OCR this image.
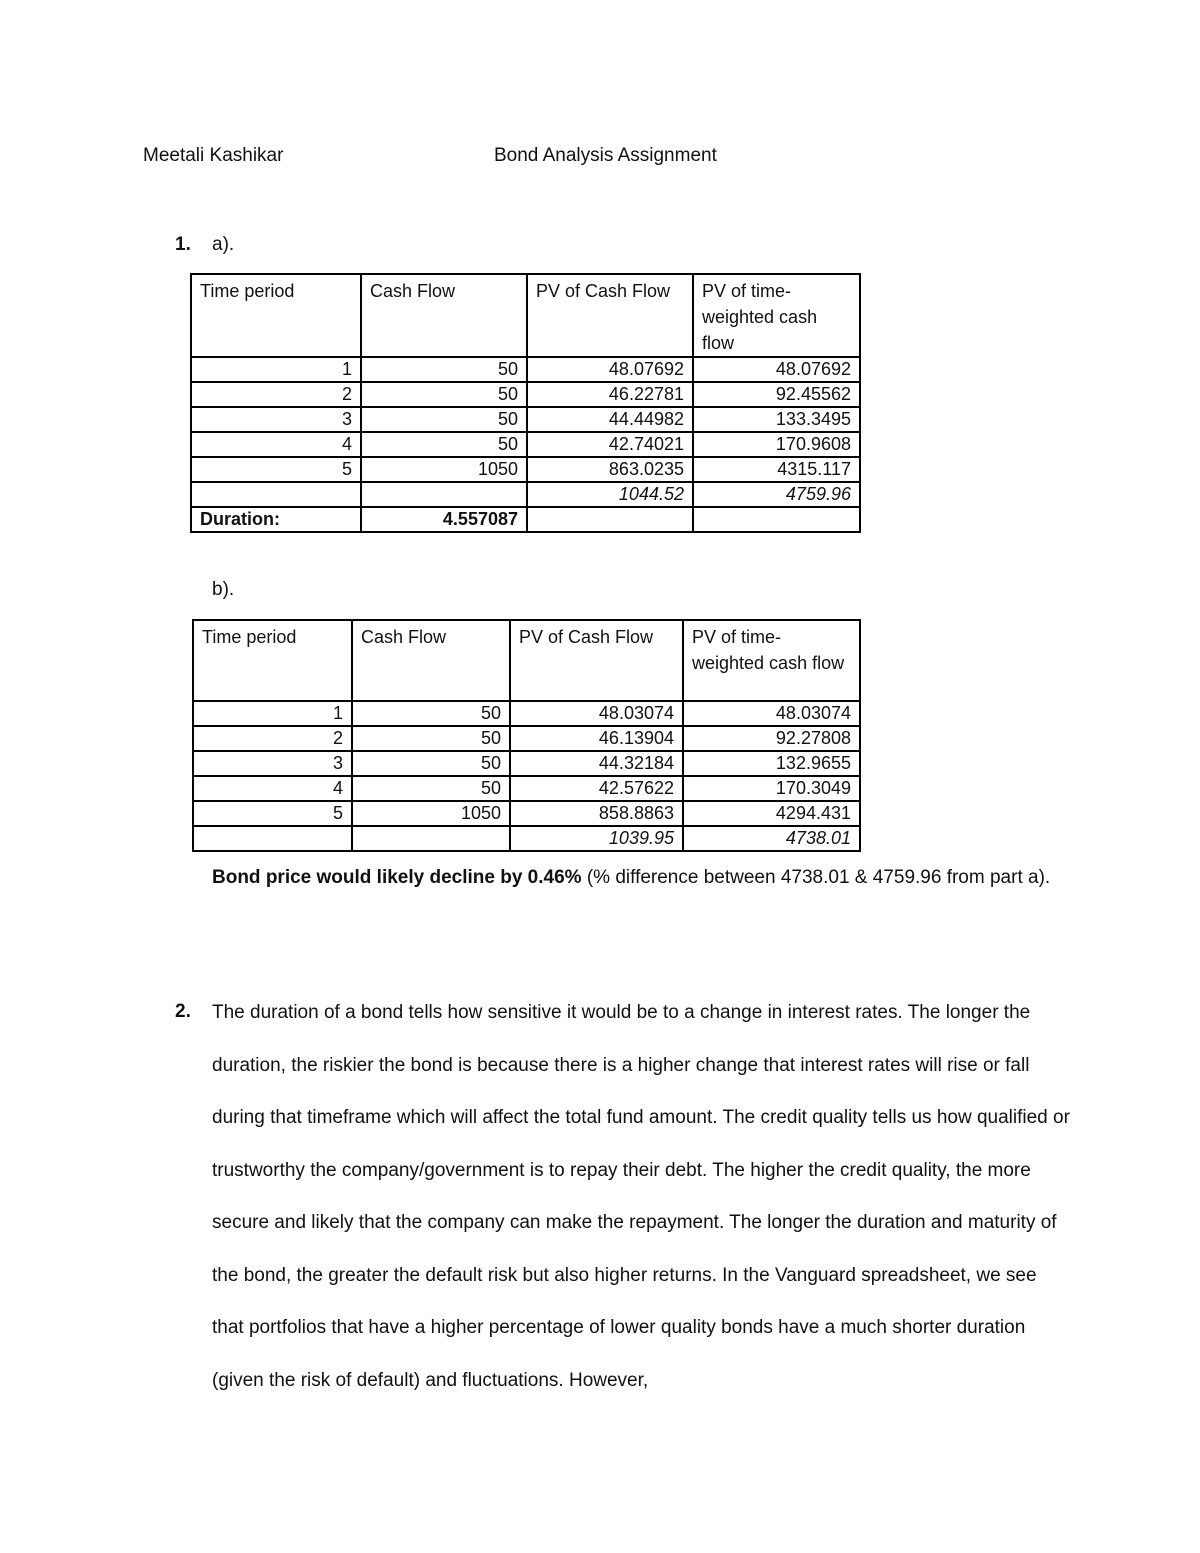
Meetali Kashikar	Bond Analysis Assignment
1. a).
Time period	Cash Flow	PV of Cash Flow	PV of time-weighted cash flow
1	50	48.07692	48.07692
2	50	46.22781	92.45562
3	50	44.44982	133.3495
4	50	42.74021	170.9608
5	1050	863.0235	4315.117
		1044.52	4759.96
Duration:	4.557087		
b).
Time period	Cash Flow	PV of Cash Flow	PV of time-weighted cash flow
1	50	48.03074	48.03074
2	50	46.13904	92.27808
3	50	44.32184	132.9655
4	50	42.57622	170.3049
5	1050	858.8863	4294.431
		1039.95	4738.01
Bond price would likely decline by 0.46% (% difference between 4738.01 & 4759.96 from part a).
2. The duration of a bond tells how sensitive it would be to a change in interest rates. The longer the duration, the riskier the bond is because there is a higher change that interest rates will rise or fall during that timeframe which will affect the total fund amount. The credit quality tells us how qualified or trustworthy the company/government is to repay their debt. The higher the credit quality, the more secure and likely that the company can make the repayment. The longer the duration and maturity of the bond, the greater the default risk but also higher returns. In the Vanguard spreadsheet, we see that portfolios that have a higher percentage of lower quality bonds have a much shorter duration (given the risk of default) and fluctuations. However,
